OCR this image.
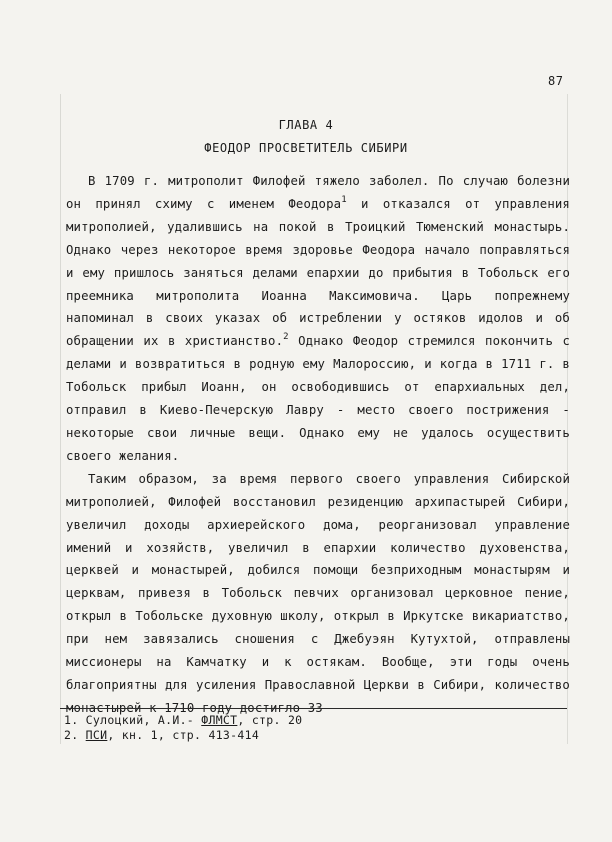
87
ГЛАВА 4
ФЕОДОР ПРОСВЕТИТЕЛЬ СИБИРИ

В 1709 г. митрополит Филофей тяжело заболел. По случаю болезни он принял схиму с именем Феодора$^1$ и отказался от управления митрополией, удалившись на покой в Троицкий Тюменский монастырь. Однако через некоторое время здоровье Феодора начало поправляться и ему пришлось заняться делами епархии до прибытия в Тобольск его преемника митрополита Иоанна Максимовича. Царь попрежнему напоминал в своих указах об истреблении у остяков идолов и об обращении их в христианство.$^2$ Однако Феодор стремился покончить с делами и возвратиться в родную ему Малороссию, и когда в 1711 г. в Тобольск прибыл Иоанн, он освободившись от епархиальных дел, отправил в Киево-Печерскую Лавру - место своего пострижения - некоторые свои личные вещи. Однако ему не удалось осуществить своего желания.

Таким образом, за время первого своего управления Сибирской митрополией, Филофей восстановил резиденцию архипастырей Сибири, увеличил доходы архиерейского дома, реорганизовал управление имений и хозяйств, увеличил в епархии количество духовенства, церквей и монастырей, добился помощи безприходным монастырям и церквам, привезя в Тобольск певчих организовал церковное пение, открыл в Тобольске духовную школу, открыл в Иркутске викариатство, при нем завязались сношения с Джебуэян Кутухтой, отправлены миссионеры на Камчатку и к остякам. Вообще, эти годы очень благоприятны для усиления Православной Церкви в Сибири, количество монастырей к 1710 году достигло 33

1. Сулоцкий, А.И.- ФЛМСТ, стр. 20
2. ПСИ, кн. 1, стр. 413-414
